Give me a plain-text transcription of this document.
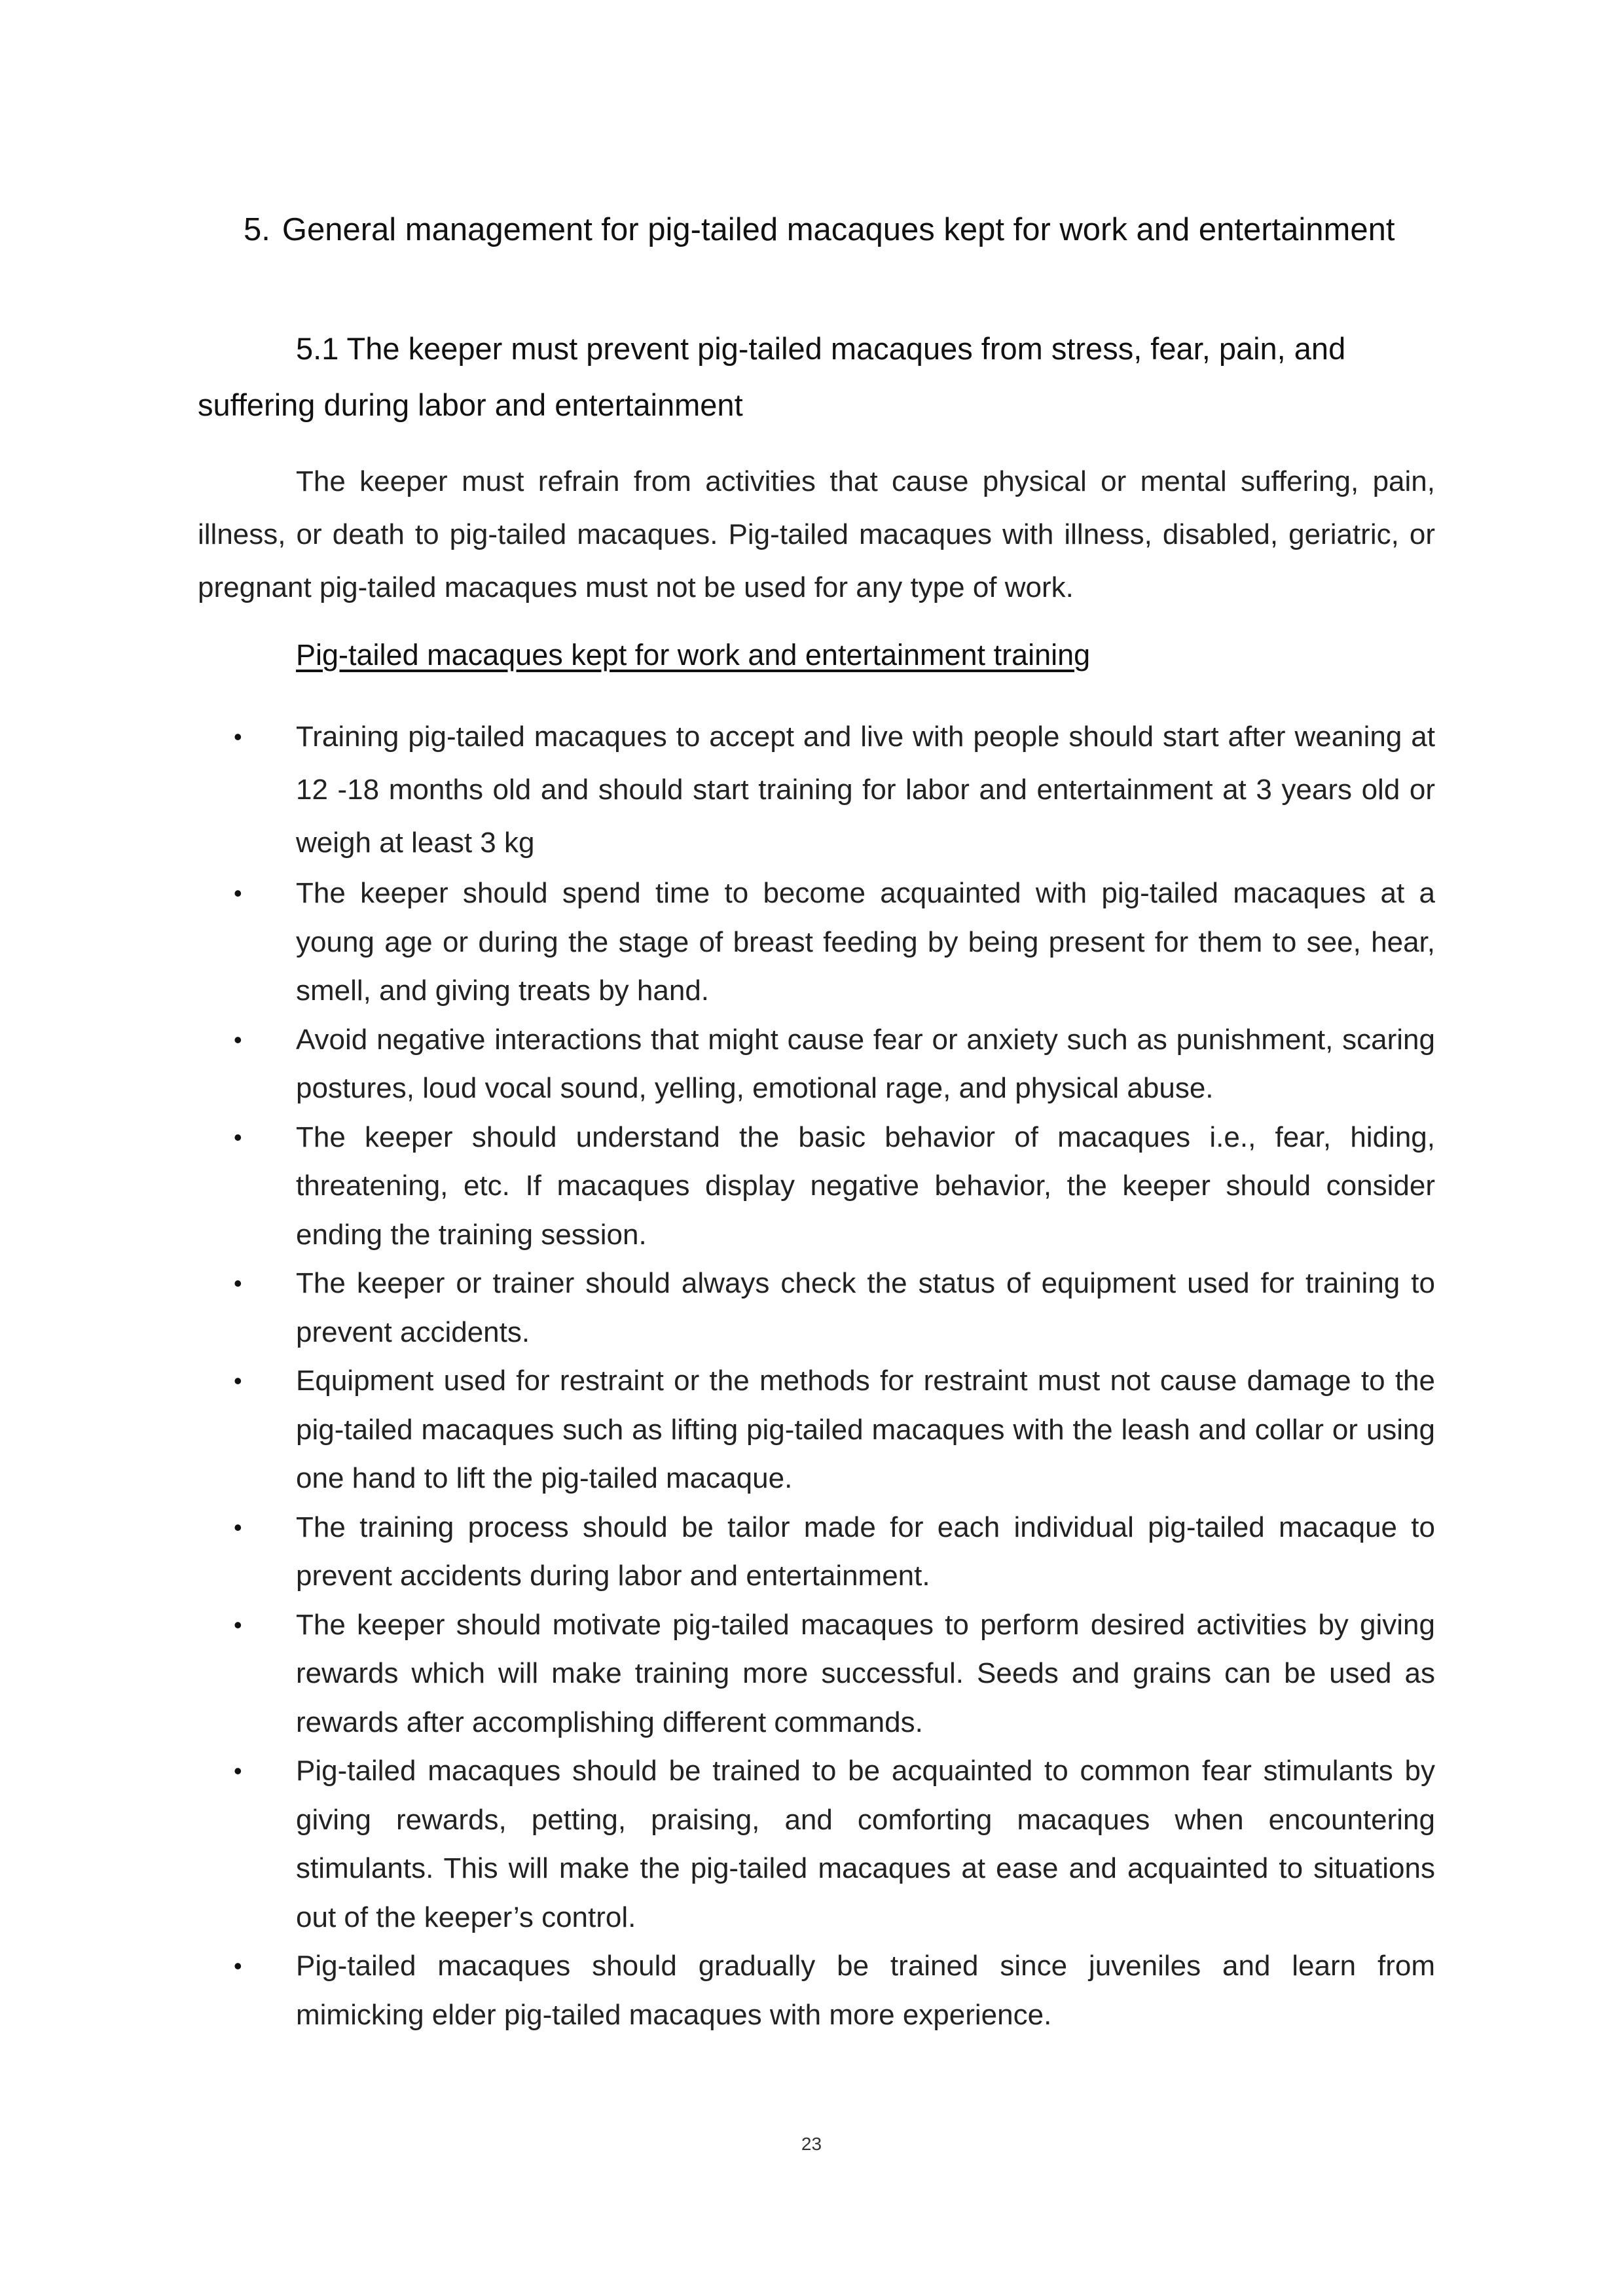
5. General management for pig-tailed macaques kept for work and entertainment
5.1 The keeper must prevent pig-tailed macaques from stress, fear, pain, and suffering during labor and entertainment

The keeper must refrain from activities that cause physical or mental suffering, pain, illness, or death to pig-tailed macaques. Pig-tailed macaques with illness, disabled, geriatric, or pregnant pig-tailed macaques must not be used for any type of work.

Pig-tailed macaques kept for work and entertainment training
• Training pig-tailed macaques to accept and live with people should start after weaning at 12 -18 months old and should start training for labor and entertainment at 3 years old or weigh at least 3 kg
• The keeper should spend time to become acquainted with pig-tailed macaques at a young age or during the stage of breast feeding by being present for them to see, hear, smell, and giving treats by hand.
• Avoid negative interactions that might cause fear or anxiety such as punishment, scaring postures, loud vocal sound, yelling, emotional rage, and physical abuse.
• The keeper should understand the basic behavior of macaques i.e., fear, hiding, threatening, etc. If macaques display negative behavior, the keeper should consider ending the training session.
• The keeper or trainer should always check the status of equipment used for training to prevent accidents.
• Equipment used for restraint or the methods for restraint must not cause damage to the pig-tailed macaques such as lifting pig-tailed macaques with the leash and collar or using one hand to lift the pig-tailed macaque.
• The training process should be tailor made for each individual pig-tailed macaque to prevent accidents during labor and entertainment.
• The keeper should motivate pig-tailed macaques to perform desired activities by giving rewards which will make training more successful. Seeds and grains can be used as rewards after accomplishing different commands.
• Pig-tailed macaques should be trained to be acquainted to common fear stimulants by giving rewards, petting, praising, and comforting macaques when encountering stimulants. This will make the pig-tailed macaques at ease and acquainted to situations out of the keeper’s control.
• Pig-tailed macaques should gradually be trained since juveniles and learn from mimicking elder pig-tailed macaques with more experience.
23
